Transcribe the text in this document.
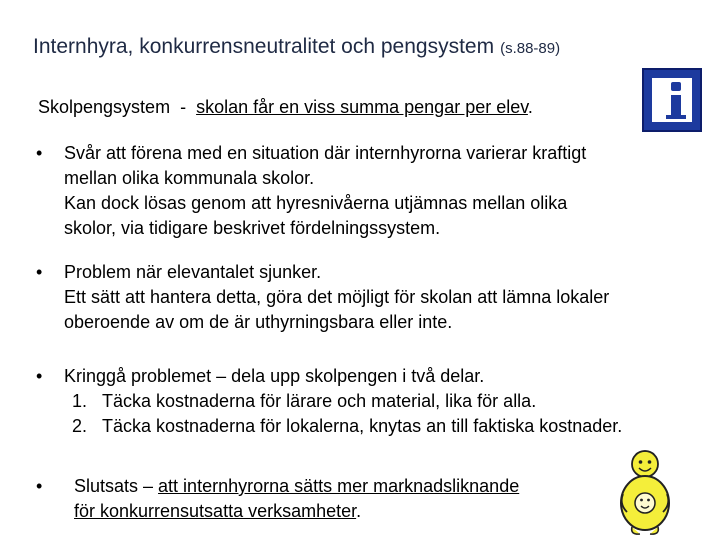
Internhyra, konkurrensneutralitet och pengsystem (s.88-89)
Skolpengsystem - skolan får en viss summa pengar per elev.
• Svår att förena med en situation där internhyrorna varierar kraftigt
mellan olika kommunala skolor.
Kan dock lösas genom att hyresnivåerna utjämnas mellan olika
skolor, via tidigare beskrivet fördelningssystem.
• Problem när elevantalet sjunker.
Ett sätt att hantera detta, göra det möjligt för skolan att lämna lokaler
oberoende av om de är uthyrningsbara eller inte.
• Kringgå problemet – dela upp skolpengen i två delar.
1. Täcka kostnaderna för lärare och material, lika för alla.
2. Täcka kostnaderna för lokalerna, knytas an till faktiska kostnader.
• Slutsats – att internhyrorna sätts mer marknadsliknande
för konkurrensutsatta verksamheter.
